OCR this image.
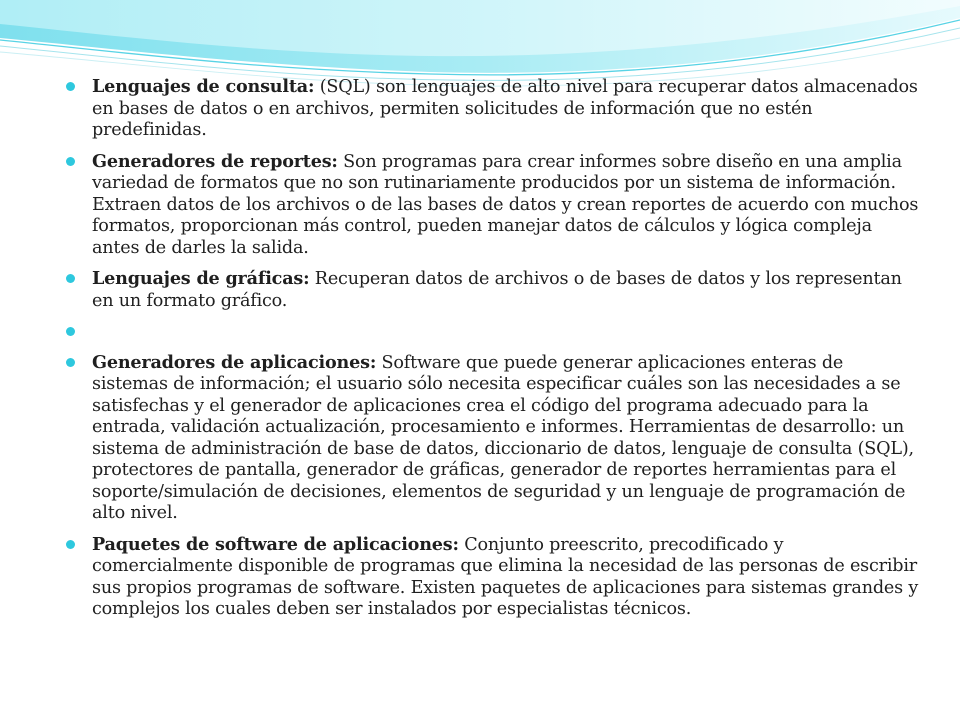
Lenguajes de consulta: (SQL) son lenguajes de alto nivel para recuperar datos almacenados en bases de datos o en archivos, permiten solicitudes de información que no estén predefinidas.
Generadores de reportes: Son programas para crear informes sobre diseño en una amplia variedad de formatos que no son rutinariamente producidos por un sistema de información. Extraen datos de los archivos o de las bases de datos y crean reportes de acuerdo con muchos formatos, proporcionan más control, pueden manejar datos de cálculos y lógica compleja antes de darles la salida.
Lenguajes de gráficas: Recuperan datos de archivos o de bases de datos y los representan en un formato gráfico.
Generadores de aplicaciones: Software que puede generar aplicaciones enteras de sistemas de información; el usuario sólo necesita especificar cuáles son las necesidades a se satisfechas y el generador de aplicaciones crea el código del programa adecuado para la entrada, validación actualización, procesamiento e informes. Herramientas de desarrollo: un sistema de administración de base de datos, diccionario de datos, lenguaje de consulta (SQL), protectores de pantalla, generador de gráficas, generador de reportes herramientas para el soporte/simulación de decisiones, elementos de seguridad y un lenguaje de programación de alto nivel.
Paquetes de software de aplicaciones: Conjunto preescrito, precodificado y comercialmente disponible de programas que elimina la necesidad de las personas de escribir sus propios programas de software. Existen paquetes de aplicaciones para sistemas grandes y complejos los cuales deben ser instalados por especialistas técnicos.
